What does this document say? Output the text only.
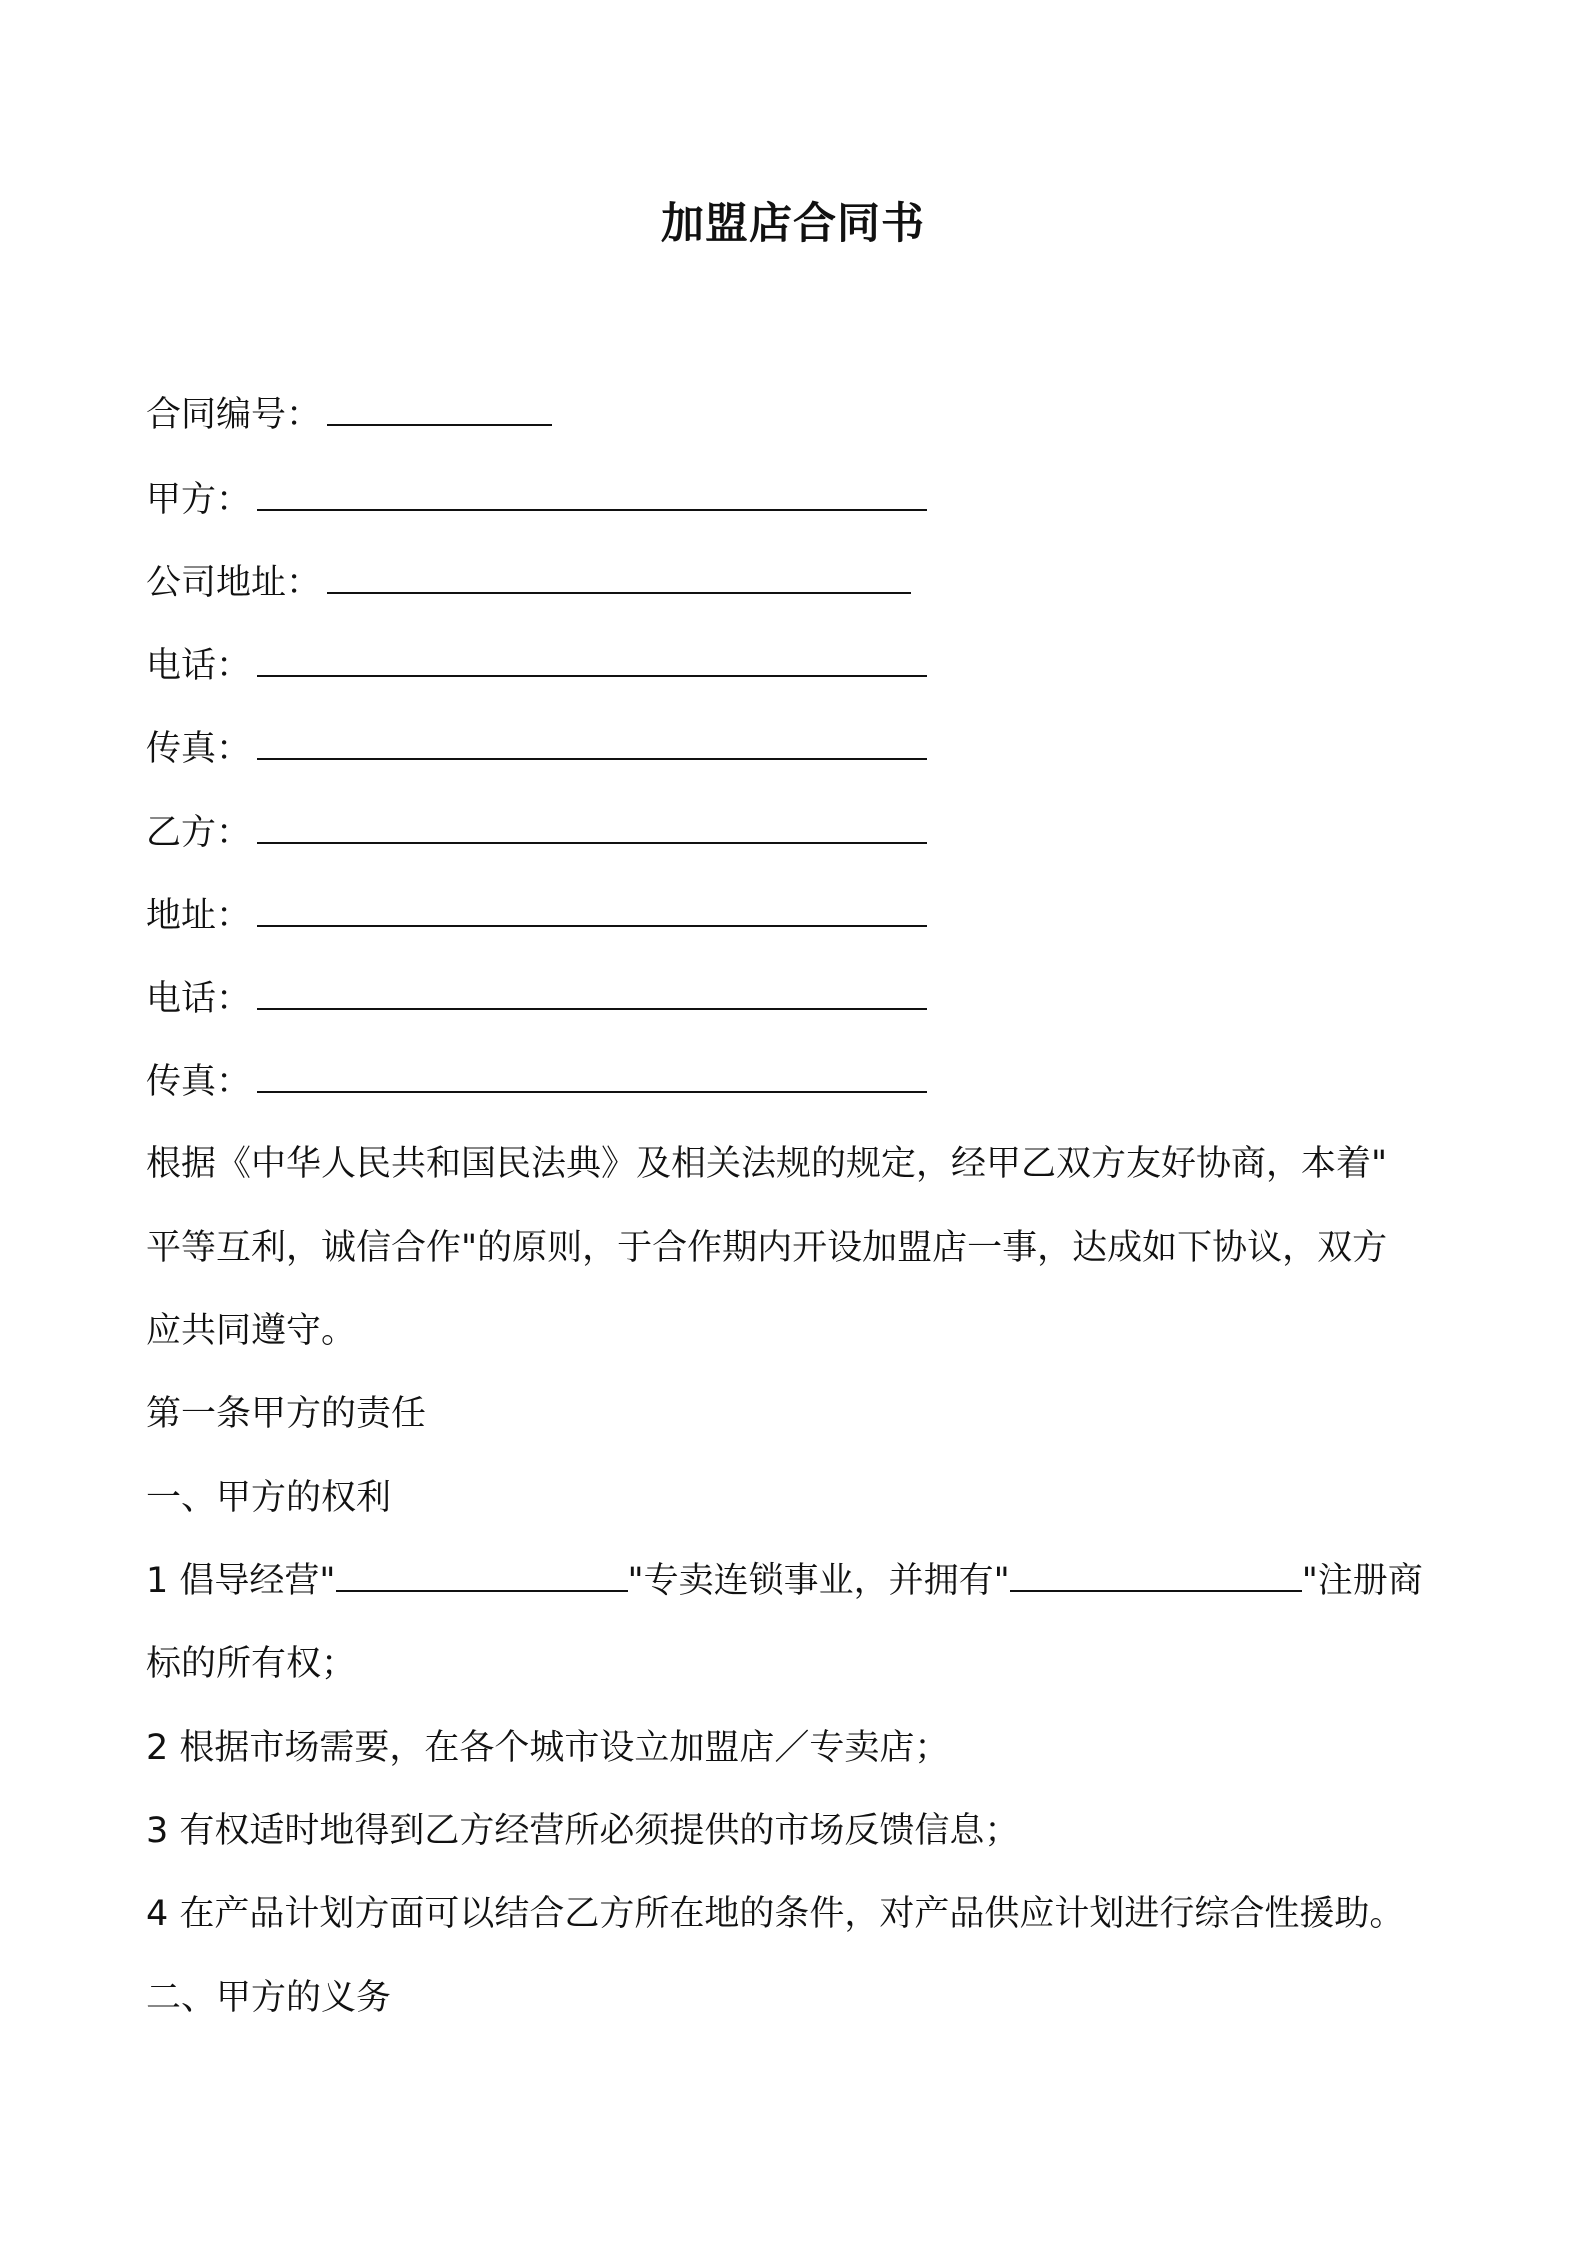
加盟店合同书
合同编号：
甲方：
公司地址：
电话：
传真：
乙方：
地址：
电话：
传真：
根据《中华人民共和国民法典》及相关法规的规定，经甲乙双方友好协商，本着"
平等互利，诚信合作"的原则，于合作期内开设加盟店一事，达成如下协议，双方
应共同遵守。
第一条甲方的责任
一、甲方的权利
1 倡导经营"	"专卖连锁事业，并拥有"	"注册商
标的所有权；
2 根据市场需要，在各个城市设立加盟店／专卖店；
3 有权适时地得到乙方经营所必须提供的市场反馈信息；
4 在产品计划方面可以结合乙方所在地的条件，对产品供应计划进行综合性援助。
二、甲方的义务
